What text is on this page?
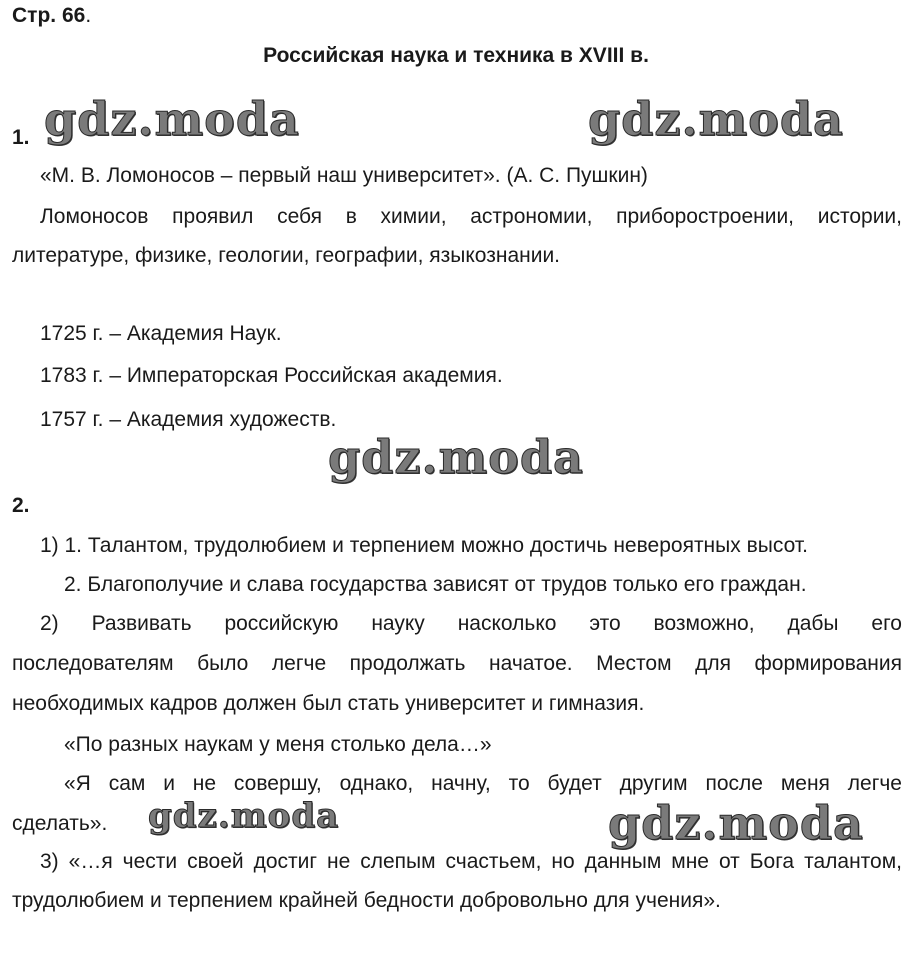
Стр. 66.

Российская наука и техника в XVIII в.

gdz.moda	gdz.moda
gdz.moda
gdz.moda	gdz.moda

1.

«М. В. Ломоносов – первый наш университет». (А. С. Пушкин)

Ломоносов проявил себя в химии, астрономии, приборостроении, истории,

литературе, физике, геологии, географии, языкознании.

1725 г. – Академия Наук.

1783 г. – Императорская Российская академия.

1757 г. – Академия художеств.

2.

1) 1. Талантом, трудолюбием и терпением можно достичь невероятных высот.

2. Благополучие и слава государства зависят от трудов только его граждан.

2) Развивать российскую науку насколько это возможно, дабы его

последователям было легче продолжать начатое. Местом для формирования

необходимых кадров должен был стать университет и гимназия.

«По разных наукам у меня столько дела…»

«Я сам и не совершу, однако, начну, то будет другим после меня легче

сделать».

3) «…я чести своей достиг не слепым счастьем, но данным мне от Бога талантом,

трудолюбием и терпением крайней бедности добровольно для учения».
